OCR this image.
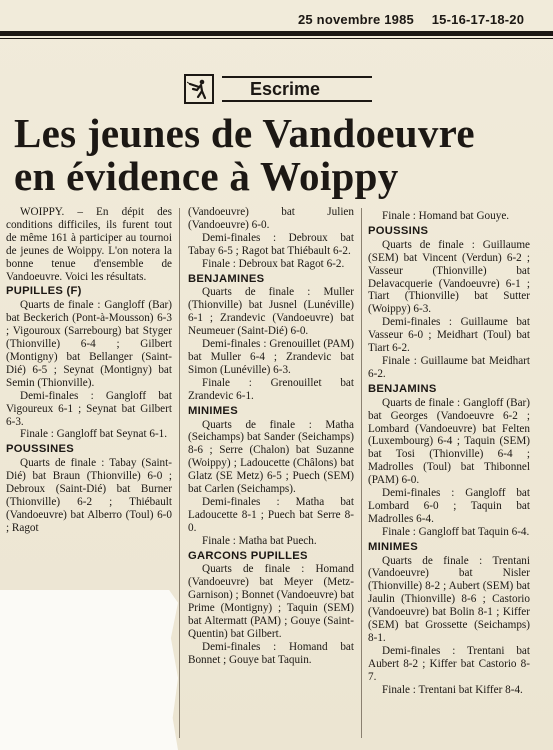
25 novembre 1985 15-16-17-18-20
Escrime
Les jeunes de Vandoeuvre
en évidence à Woippy

WOIPPY. – En dépit des conditions difficiles, ils furent tout de même 161 à participer au tournoi de jeunes de Woippy. L'on notera la bonne tenue d'ensemble de Vandoeuvre. Voici les résultats.

PUPILLES (F)

Quarts de finale : Gangloff (Bar) bat Beckerich (Pont-à-Mousson) 6-3 ; Vigouroux (Sarrebourg) bat Styger (Thionville) 6-4 ; Gilbert (Montigny) bat Bellanger (Saint-Dié) 6-5 ; Seynat (Montigny) bat Semin (Thionville).

Demi-finales : Gangloff bat Vigoureux 6-1 ; Seynat bat Gilbert 6-3.

Finale : Gangloff bat Seynat 6-1.

POUSSINES

Quarts de finale : Tabay (Saint-Dié) bat Braun (Thionville) 6-0 ; Debroux (Saint-Dié) bat Burner (Thionville) 6-2 ; Thiébault (Vandoeuvre) bat Alberro (Toul) 6-0 ; Ragot

(Vandoeuvre) bat Julien (Vandoeuvre) 6-0.

Demi-finales : Debroux bat Tabay 6-5 ; Ragot bat Thiébault 6-2.

Finale : Debroux bat Ragot 6-2.

BENJAMINES

Quarts de finale : Muller (Thionville) bat Jusnel (Lunéville) 6-1 ; Zrandevic (Vandoeuvre) bat Neumeuer (Saint-Dié) 6-0.

Demi-finales : Grenouillet (PAM) bat Muller 6-4 ; Zrandevic bat Simon (Lunéville) 6-3.

Finale : Grenouillet bat Zrandevic 6-1.

MINIMES

Quarts de finale : Matha (Seichamps) bat Sander (Seichamps) 8-6 ; Serre (Chalon) bat Suzanne (Woippy) ; Ladoucette (Châlons) bat Glatz (SE Metz) 6-5 ; Puech (SEM) bat Carlen (Seichamps).

Demi-finales : Matha bat Ladoucette 8-1 ; Puech bat Serre 8-0.

Finale : Matha bat Puech.

GARCONS PUPILLES

Quarts de finale : Homand (Vandoeuvre) bat Meyer (Metz-Garnison) ; Bonnet (Vandoeuvre) bat Prime (Montigny) ; Taquin (SEM) bat Altermatt (PAM) ; Gouye (Saint-Quentin) bat Gilbert.

Demi-finales : Homand bat Bonnet ; Gouye bat Taquin.

Finale : Homand bat Gouye.

POUSSINS

Quarts de finale : Guillaume (SEM) bat Vincent (Verdun) 6-2 ; Vasseur (Thionville) bat Delavacquerie (Vandoeuvre) 6-1 ; Tiart (Thionville) bat Sutter (Woippy) 6-3.

Demi-finales : Guillaume bat Vasseur 6-0 ; Meidhart (Toul) bat Tiart 6-2.

Finale : Guillaume bat Meidhart 6-2.

BENJAMINS

Quarts de finale : Gangloff (Bar) bat Georges (Vandoeuvre 6-2 ; Lombard (Vandoeuvre) bat Felten (Luxembourg) 6-4 ; Taquin (SEM) bat Tosi (Thionville) 6-4 ; Madrolles (Toul) bat Thibonnel (PAM) 6-0.

Demi-finales : Gangloff bat Lombard 6-0 ; Taquin bat Madrolles 6-4.

Finale : Gangloff bat Taquin 6-4.

MINIMES

Quarts de finale : Trentani (Vandoeuvre) bat Nisler (Thionville) 8-2 ; Aubert (SEM) bat Jaulin (Thionville) 8-6 ; Castorio (Vandoeuvre) bat Bolin 8-1 ; Kiffer (SEM) bat Grossette (Seichamps) 8-1.

Demi-finales : Trentani bat Aubert 8-2 ; Kiffer bat Castorio 8-7.

Finale : Trentani bat Kiffer 8-4.
